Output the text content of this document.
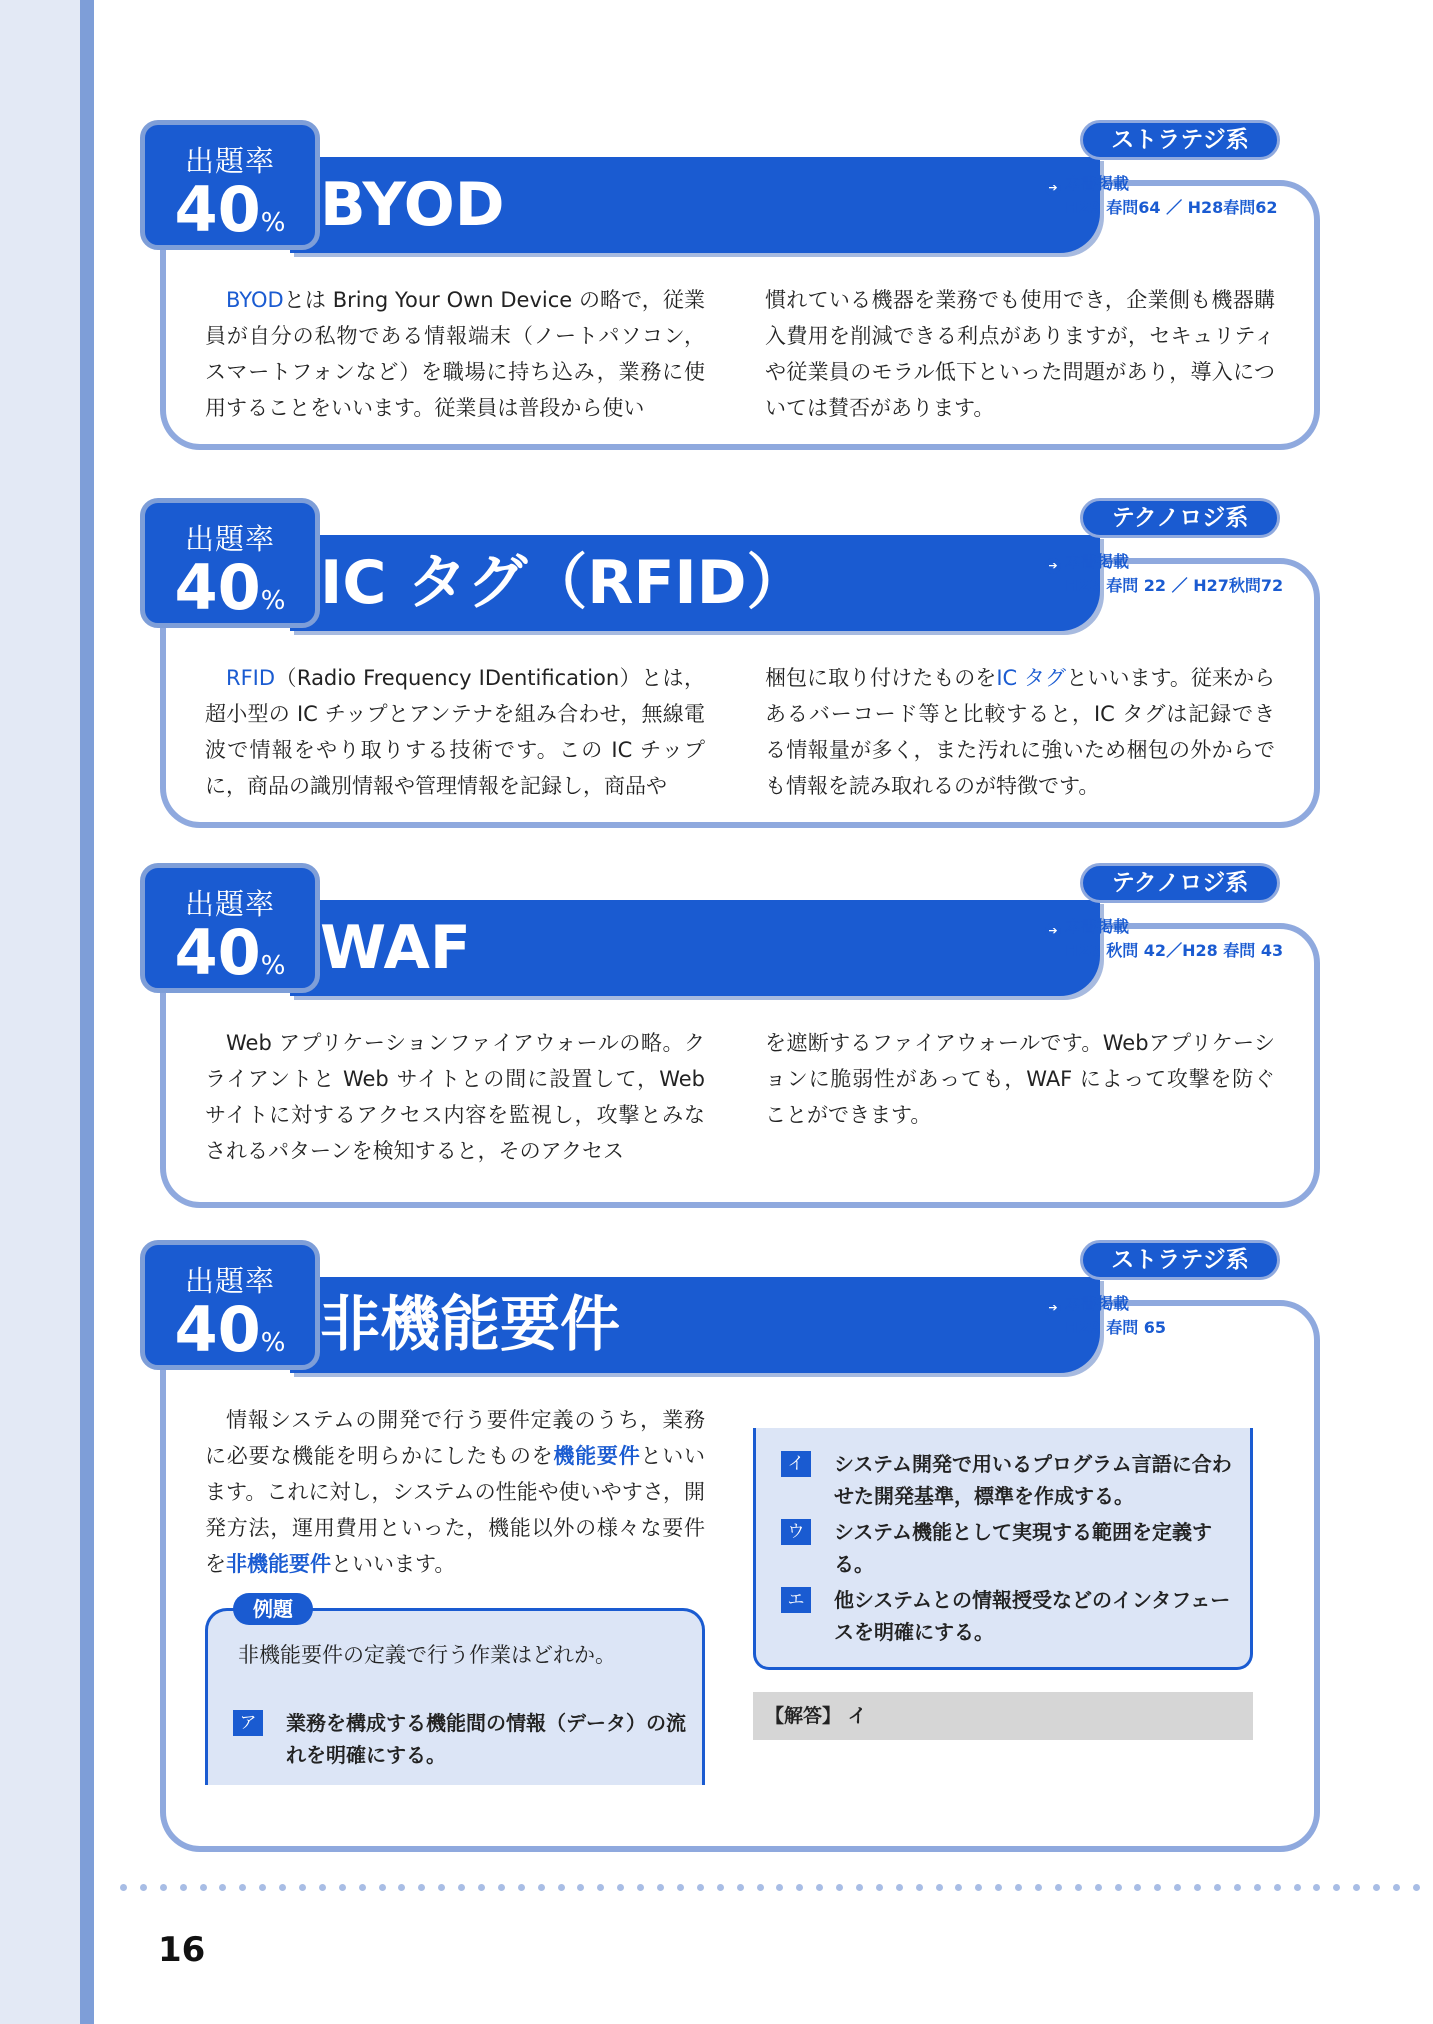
BYOD
出題率
40%
ストラテジ系
➔ 本書掲載
H29 春問64 ／ H28春問62

BYODとは Bring Your Own Device の略で，従業員が自分の私物である情報端末（ノートパソコン，スマートフォンなど）を職場に持ち込み，業務に使用することをいいます。従業員は普段から使い

慣れている機器を業務でも使用でき，企業側も機器購入費用を削減できる利点がありますが，セキュリティや従業員のモラル低下といった問題があり，導入については賛否があります。

IC タグ（RFID）
出題率
40%
テクノロジ系
➔ 本書掲載
H28 春問 22 ／ H27秋問72

RFID（Radio Frequency IDentification）とは，超小型の IC チップとアンテナを組み合わせ，無線電波で情報をやり取りする技術です。この IC チップに，商品の識別情報や管理情報を記録し，商品や

梱包に取り付けたものをIC タグといいます。従来からあるバーコード等と比較すると，IC タグは記録できる情報量が多く，また汚れに強いため梱包の外からでも情報を読み取れるのが特徴です。

WAF
出題率
40%
テクノロジ系
➔ 本書掲載
H28 秋問 42／H28 春問 43

Web アプリケーションファイアウォールの略。クライアントと Web サイトとの間に設置して，Web サイトに対するアクセス内容を監視し，攻撃とみなされるパターンを検知すると，そのアクセス

を遮断するファイアウォールです。Webアプリケーションに脆弱性があっても，WAF によって攻撃を防ぐことができます。

非機能要件
出題率
40%
ストラテジ系
➔ 本書掲載
H29 春問 65

情報システムの開発で行う要件定義のうち，業務に必要な機能を明らかにしたものを機能要件といいます。これに対し，システムの性能や使いやすさ，開発方法，運用費用といった，機能以外の様々な要件を非機能要件といいます。

非機能要件の定義で行う作業はどれか。
ア	業務を構成する機能間の情報（データ）の流れを明確にする。
例題
イ	システム開発で用いるプログラム言語に合わせた開発基準，標準を作成する。
ウ	システム機能として実現する範囲を定義する。
エ	他システムとの情報授受などのインタフェースを明確にする。
【解答】 イ
16
